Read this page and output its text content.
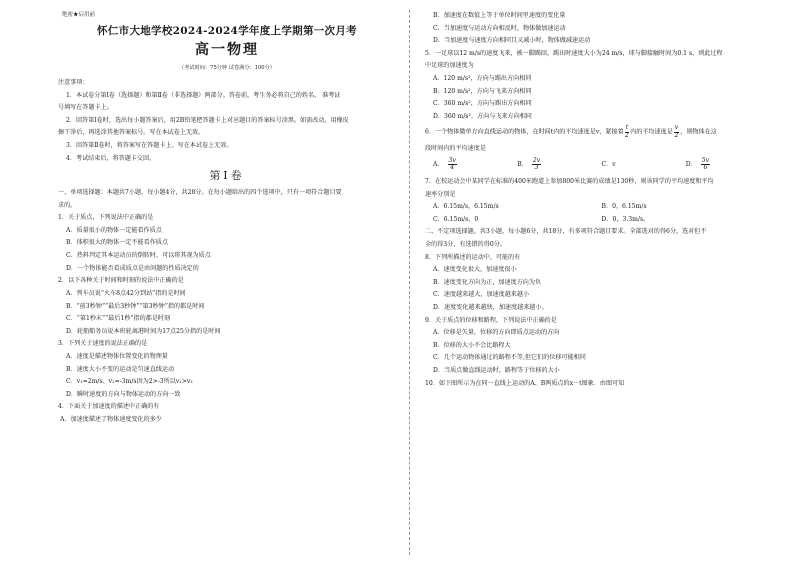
绝密★启用前
怀仁市大地学校2024-2024学年度上学期第一次月考
高一物理
（考试时间：75分钟 试卷满分：100分）
注意事项：
1．本试卷分第Ⅰ卷（选择题）和第Ⅱ卷（非选择题）两部分。答卷前，考生务必将自己的姓名、 准考证
号填写在答题卡上。
2．回答第Ⅰ卷时，选出每小题答案后，用2B铅笔把答题卡上对应题目的答案标号涂黑。如需改动，用橡皮
擦干净后，再选涂其他答案标号。写在本试卷上无效。
3．回答第Ⅱ卷时，将答案写在答题卡上。写在本试卷上无效。
4．考试结束后，将答题卡交回。
第Ⅰ卷
一、单项选择题：本题共7小题，每小题4分，共28分。在每小题给出的四个选项中，只有一项符合题目要
求的。
1．关于质点，下列说法中正确的是
A．质量很小的物体一定能看作质点
B．体积很大的物体一定不能看作质点
C．热料判定其本运动员的倒转时，可以将其视为质点
D．一个物体能否看成质点是由问题的性质决定的
2．以下各种关于时间和时刻的说法中正确的是
A．列车员说“火车8点42分到站”指的是时间
B．“前3秒钟”“最后3秒钟”“第3秒钟”指的都是时间
C．“第1秒末”“最后1秒”指的都是时刻
D．轮船船务员说本班轮离港时间为17点25分指的是时间
3．下列关于速度的说法正确的是
A．速度是描述物体位置变化的物理量
B．速度大小不变的运动是匀速直线运动
C．v₁=2m/s、v₂=-3m/s因为2>-3所以v₁>v₂
D．瞬时速度的方向与物体运动的方向一致
4．下面关于加速度的描述中正确的有
A．加速度描述了物体速度变化的多少
B．加速度在数值上等于单位时间里速度的变化量
C．当加速度与运动方向相反时，物体做加速运动
D．当加速度与速度方向相同且又减小时，物体做减速运动
5．一足球以12 m/s的速度飞来，被一脚踢回，踢出时速度大小为24 m/s，球与脚接触时间为0.1 s，则此过程
中足球的加速度为
A．120 m/s²，方向与踢出方向相同
B．120 m/s²，方向与飞来方向相同
C．360 m/s²，方向与踢出方向相同
D．360 m/s²，方向与飞来方向相同
6．一个物体做单方向直线运动的物体，在时间t内的平均速度是v，紧接着 $\frac{t}{2}$ 内的平均速度是 $\frac{v}{2}$ ，则物体在这
段时间内的平均速度是
A． $\frac{3v}{4}$	B． $\frac{2v}{3}$	C．v	D． $\frac{5v}{6}$
7．在校运动会中某同学在标准的400米跑道上参加800米比赛的成绩是130秒，则该同学的平均速度和平均
速率分别是
A．6.15m/s，6.15m/s	B．0，6.15m/s
C．6.15m/s，0	D．0，3.3m/s。
二、不定项选择题。共3小题，每小题6分，共18分，有多项符合题目要求。全部选对的得6分，选对但不
全的得3分，有选错的得0分。
8．下列所描述的运动中，可能的有
A．速度变化很大，加速度很小
B．速度变化方向为正，加速度方向为负
C．速度越来越大，加速度越来越小
D．速度变化越来越快，加速度越来越小。
9．关于质点的位移和路程，下列说法中正确的是
A．位移是矢量，位移的方向即质点运动的方向
B．位移的大小不会比路程大
C．几个运动物体通过的路程不等,但它们的位移可能相同
D．当质点做直线运动时，路程等于位移的大小
10．如下图所示为在同一直线上运动的A、B两质点的x－t图象．由图可知
